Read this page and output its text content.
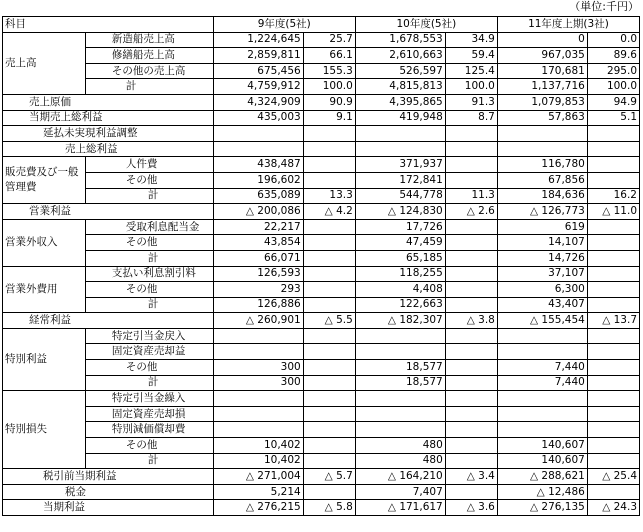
（単位:千円）
科目		9年度(5社)		10年度(5社)		11年度上期(3社)	
売上高	新造船売上高	1,224,645	25.7	1,678,553	34.9	0	0.0
	修繕船売上高	2,859,811	66.1	2,610,663	59.4	967,035	89.6
	その他の売上高	675,456	155.3	526,597	125.4	170,681	295.0
	計	4,759,912	100.0	4,815,813	100.0	1,137,716	100.0
売上原価		4,324,909	90.9	4,395,865	91.3	1,079,853	94.9
当期売上総利益		435,003	9.1	419,948	8.7	57,863	5.1
延払未実現利益調整							
売上総利益							
販売費及び一般管理費	人件費	438,487		371,937		116,780	
	その他	196,602		172,841		67,856	
	計	635,089	13.3	544,778	11.3	184,636	16.2
営業利益		△ 200,086	△ 4.2	△ 124,830	△ 2.6	△ 126,773	△ 11.0
営業外収入	受取利息配当金	22,217		17,726		619	
	その他	43,854		47,459		14,107	
	計	66,071		65,185		14,726	
営業外費用	支払い利息割引料	126,593		118,255		37,107	
	その他	293		4,408		6,300	
	計	126,886		122,663		43,407	
経常利益		△ 260,901	△ 5.5	△ 182,307	△ 3.8	△ 155,454	△ 13.7
特別利益	特定引当金戻入						
	固定資産売却益						
	その他	300		18,577		7,440	
	計	300		18,577		7,440	
特別損失	特定引当金繰入						
	固定資産売却損						
	特別減価償却費						
	その他	10,402		480		140,607	
	計	10,402		480		140,607	
税引前当期利益		△ 271,004	△ 5.7	△ 164,210	△ 3.4	△ 288,621	△ 25.4
税金		5,214		7,407		△ 12,486	
当期利益		△ 276,215	△ 5.8	△ 171,617	△ 3.6	△ 276,135	△ 24.3
